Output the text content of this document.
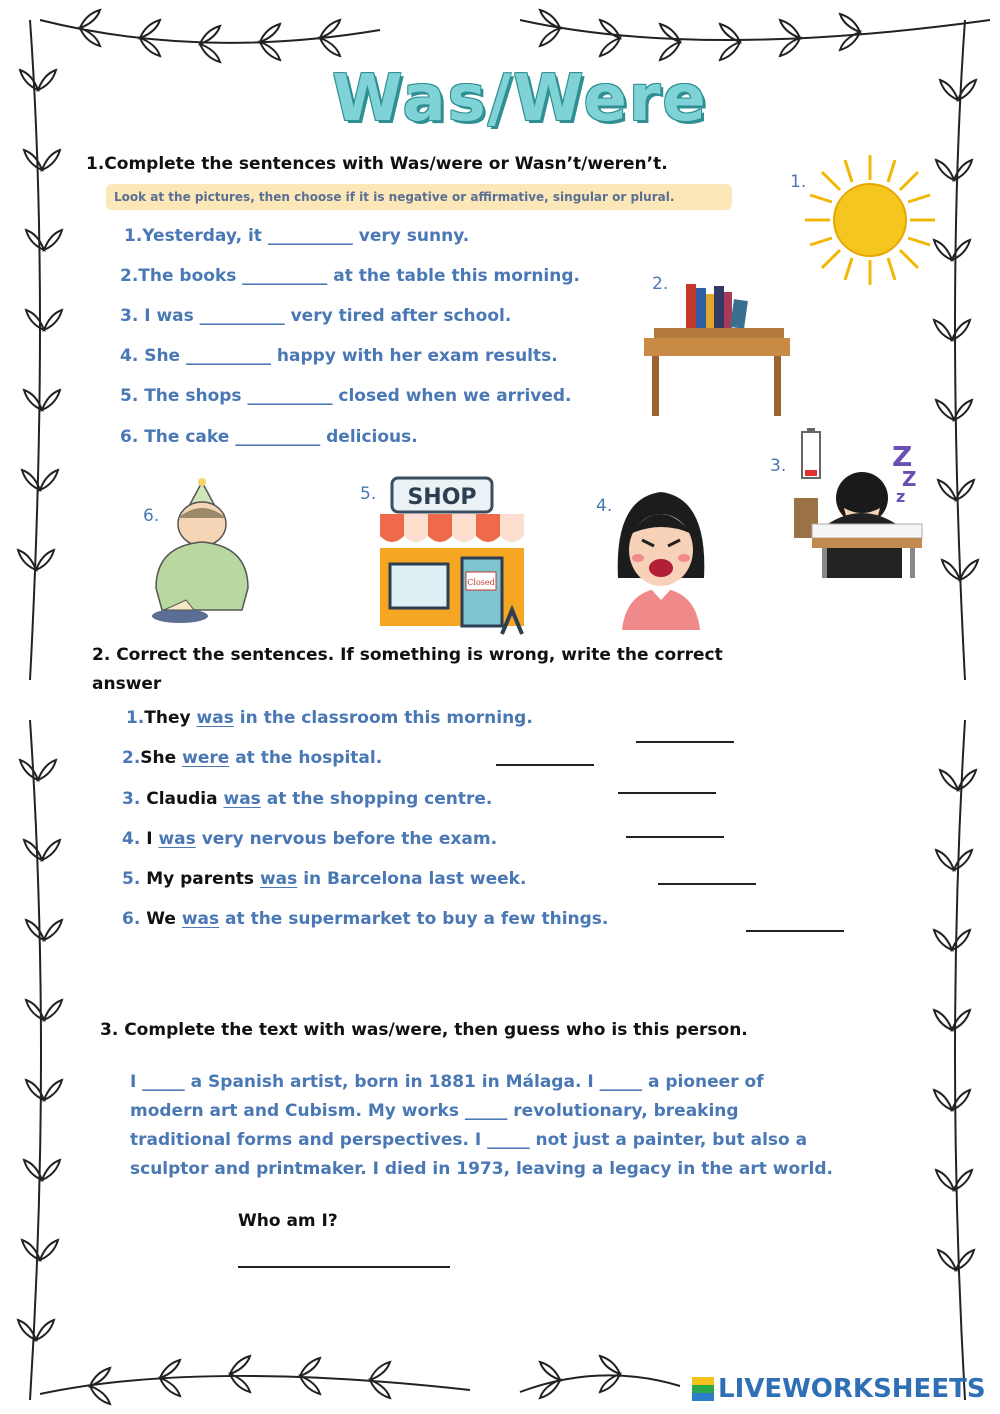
Was/Were
1.Complete the sentences with Was/were or Wasn’t/weren’t.
Look at the pictures, then choose if it is negative or affirmative, singular or plural.
1.Yesterday, it __________ very sunny.
2.The books __________ at the table this morning.
3. I was __________ very tired after school.
4. She __________ happy with her exam results.
5. The shops __________ closed when we arrived.
6. The cake __________ delicious.
1.
2.
3.	Z
Z
z
4.
5. SHOP
Closed
6.
2. Correct the sentences. If something is wrong, write the correct
answer
1.They was in the classroom this morning.
2.She were at the hospital.
3. Claudia was at the shopping centre.
4. I was very nervous before the exam.
5. My parents was in Barcelona last week.
6. We was at the supermarket to buy a few things.
3. Complete the text with was/were, then guess who is this person.
I _____ a Spanish artist, born in 1881 in Málaga. I _____ a pioneer of
modern art and Cubism. My works _____ revolutionary, breaking
traditional forms and perspectives. I _____ not just a painter, but also a
sculptor and printmaker. I died in 1973, leaving a legacy in the art world.
Who am I?
LIVEWORKSHEETS
